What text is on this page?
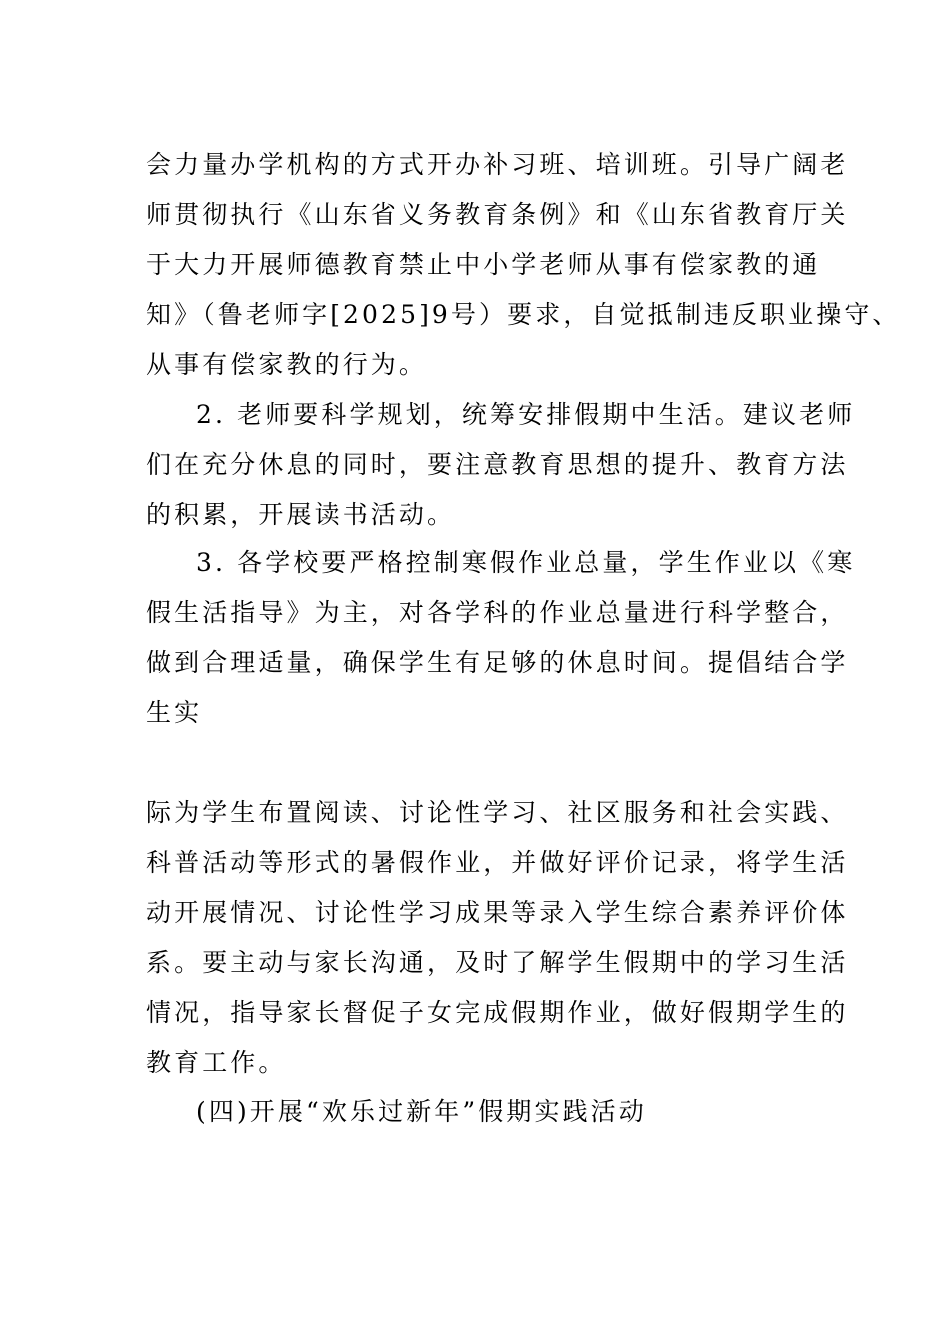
会力量办学机构的方式开办补习班、培训班。引导广阔老
师贯彻执行《山东省义务教育条例》和《山东省教育厅关
于大力开展师德教育禁止中小学老师从事有偿家教的通
知》（鲁老师字[2025]9号）要求，自觉抵制违反职业操守、
从事有偿家教的行为。
2. 老师要科学规划，统筹安排假期中生活。建议老师
们在充分休息的同时，要注意教育思想的提升、教育方法
的积累，开展读书活动。
3. 各学校要严格控制寒假作业总量，学生作业以《寒
假生活指导》为主，对各学科的作业总量进行科学整合，
做到合理适量，确保学生有足够的休息时间。提倡结合学
生实
际为学生布置阅读、讨论性学习、社区服务和社会实践、
科普活动等形式的暑假作业，并做好评价记录，将学生活
动开展情况、讨论性学习成果等录入学生综合素养评价体
系。要主动与家长沟通，及时了解学生假期中的学习生活
情况，指导家长督促子女完成假期作业，做好假期学生的
教育工作。
(四)开展“欢乐过新年”假期实践活动
